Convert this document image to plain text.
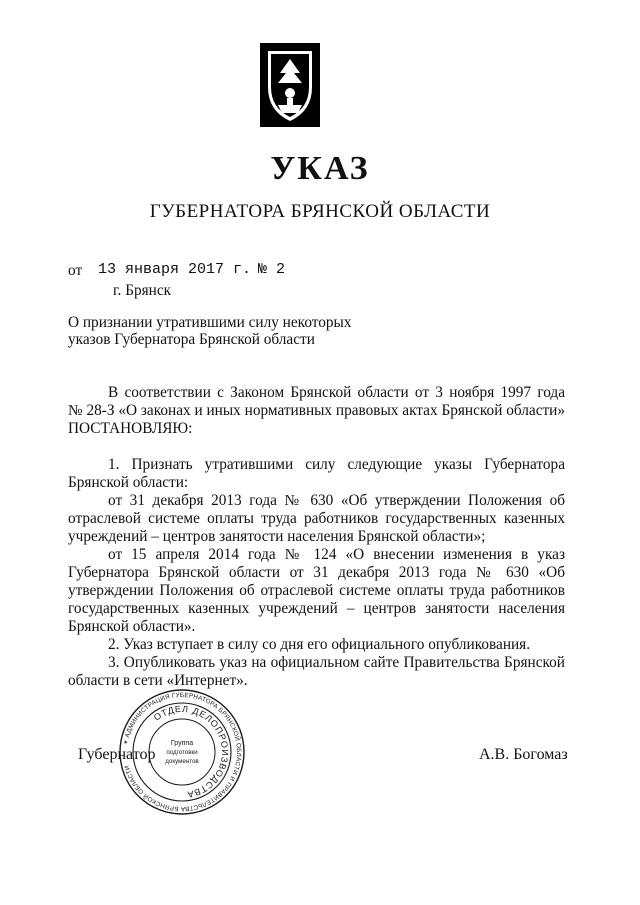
УКАЗ
ГУБЕРНАТОРА БРЯНСКОЙ ОБЛАСТИ
от 13 января 2017 г. № 2
г. Брянск
О признании утратившими силу некоторых
указов Губернатора Брянской области
В соответствии с Законом Брянской области от 3 ноября 1997 года
№ 28-З «О законах и иных нормативных правовых актах Брянской области»
ПОСТАНОВЛЯЮ:
1. Признать утратившими силу следующие указы Губернатора
Брянской области:
от 31 декабря 2013 года № 630 «Об утверждении Положения об
отраслевой системе оплаты труда работников государственных казенных
учреждений – центров занятости населения Брянской области»;
от 15 апреля 2014 года № 124 «О внесении изменения в указ
Губернатора Брянской области от 31 декабря 2013 года № 630 «Об
утверждении Положения об отраслевой системе оплаты труда работников
государственных казенных учреждений – центров занятости населения
Брянской области».
2. Указ вступает в силу со дня его официального опубликования.
3. Опубликовать указ на официальном сайте Правительства Брянской
области в сети «Интернет».
Губернатор	А.В. Богомаз
✶ АДМИНИСТРАЦИЯ ГУБЕРНАТОРА БРЯНСКОЙ ОБЛАСТИ И ПРАВИТЕЛЬСТВА БРЯНСКОЙ ОБЛАСТИ
ОТДЕЛ ДЕЛОПРОИЗВОДСТВА
Группа
подготовки
документов
